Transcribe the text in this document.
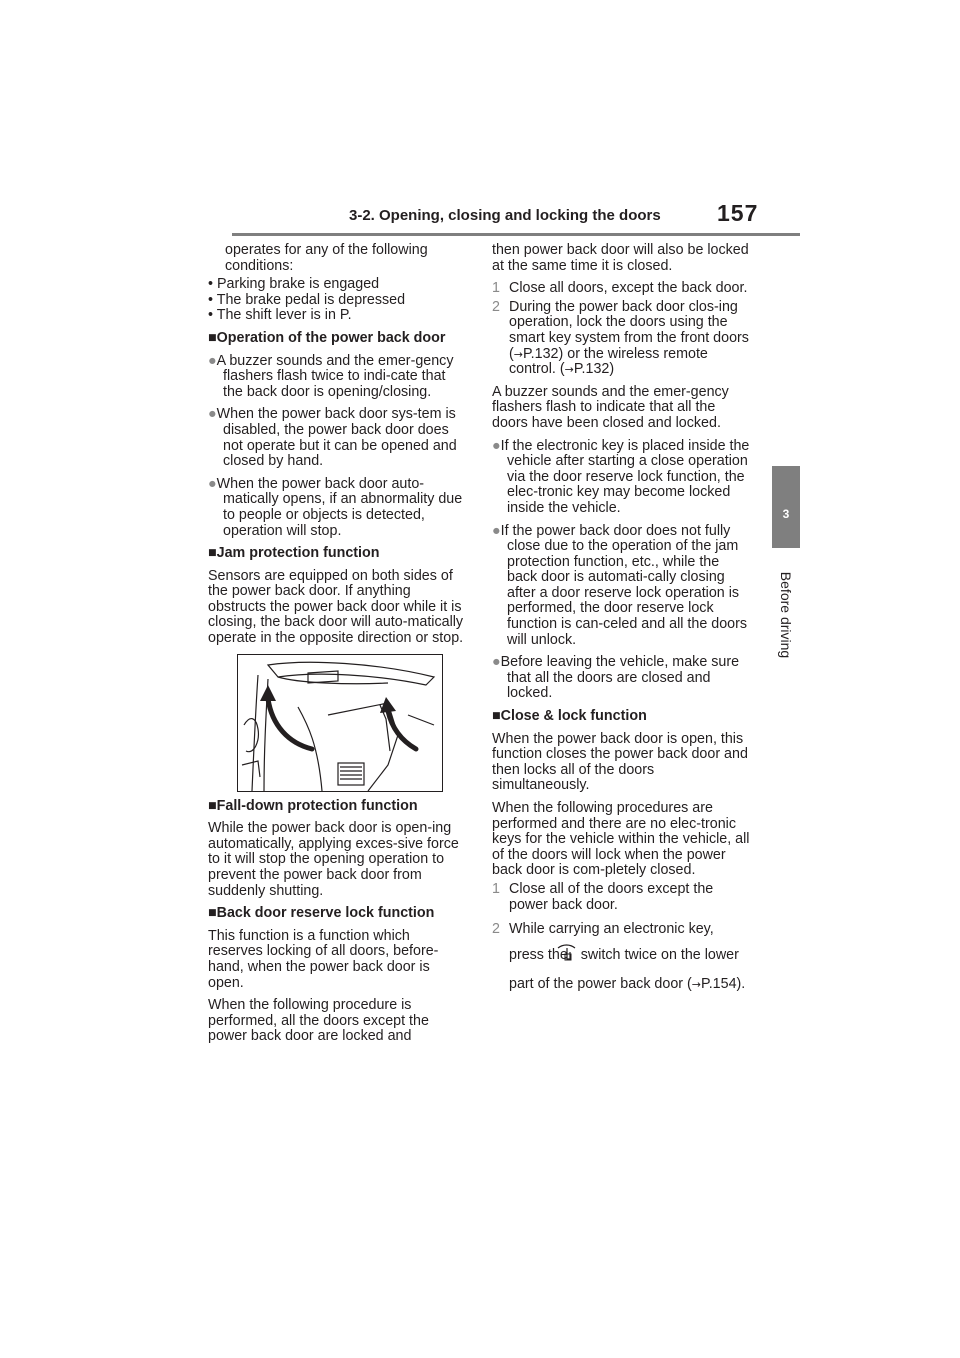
3-2. Opening, closing and locking the doors 157
3
Before driving

operates for any of the following conditions:

• Parking brake is engaged
• The brake pedal is depressed
• The shift lever is in P.
■Operation of the power back door
●A buzzer sounds and the emer-gency flashers flash twice to indi-cate that the back door is opening/closing.
●When the power back door sys-tem is disabled, the power back door does not operate but it can be opened and closed by hand.
●When the power back door auto-matically opens, if an abnormality due to people or objects is detected, operation will stop.
■Jam protection function

Sensors are equipped on both sides of the power back door. If anything obstructs the power back door while it is closing, the back door will auto-matically operate in the opposite direction or stop.

■Fall-down protection function

While the power back door is open-ing automatically, applying exces-sive force to it will stop the opening operation to prevent the power back door from suddenly shutting.

■Back door reserve lock function

This function is a function which reserves locking of all doors, before-hand, when the power back door is open.

When the following procedure is performed, all the doors except the power back door are locked and

then power back door will also be locked at the same time it is closed.

1 Close all doors, except the back door.
2 During the power back door clos-ing operation, lock the doors using the smart key system from the front doors (→P.132) or the wireless remote control. (→P.132)

A buzzer sounds and the emer-gency flashers flash to indicate that all the doors have been closed and locked.

●If the electronic key is placed inside the vehicle after starting a close operation via the door reserve lock function, the elec-tronic key may become locked inside the vehicle.
●If the power back door does not fully close due to the operation of the jam protection function, etc., while the back door is automati-cally closing after a door reserve lock operation is performed, the door reserve lock function is can-celed and all the doors will unlock.
●Before leaving the vehicle, make sure that all the doors are closed and locked.
■Close & lock function

When the power back door is open, this function closes the power back door and then locks all of the doors simultaneously.

When the following procedures are performed and there are no elec-tronic keys for the vehicle within the vehicle, all of the doors will lock when the power back door is com-pletely closed.

1 Close all of the doors except the power back door.
2 While carrying an electronic key, press the  switch twice on the lower part of the power back door (→P.154).
